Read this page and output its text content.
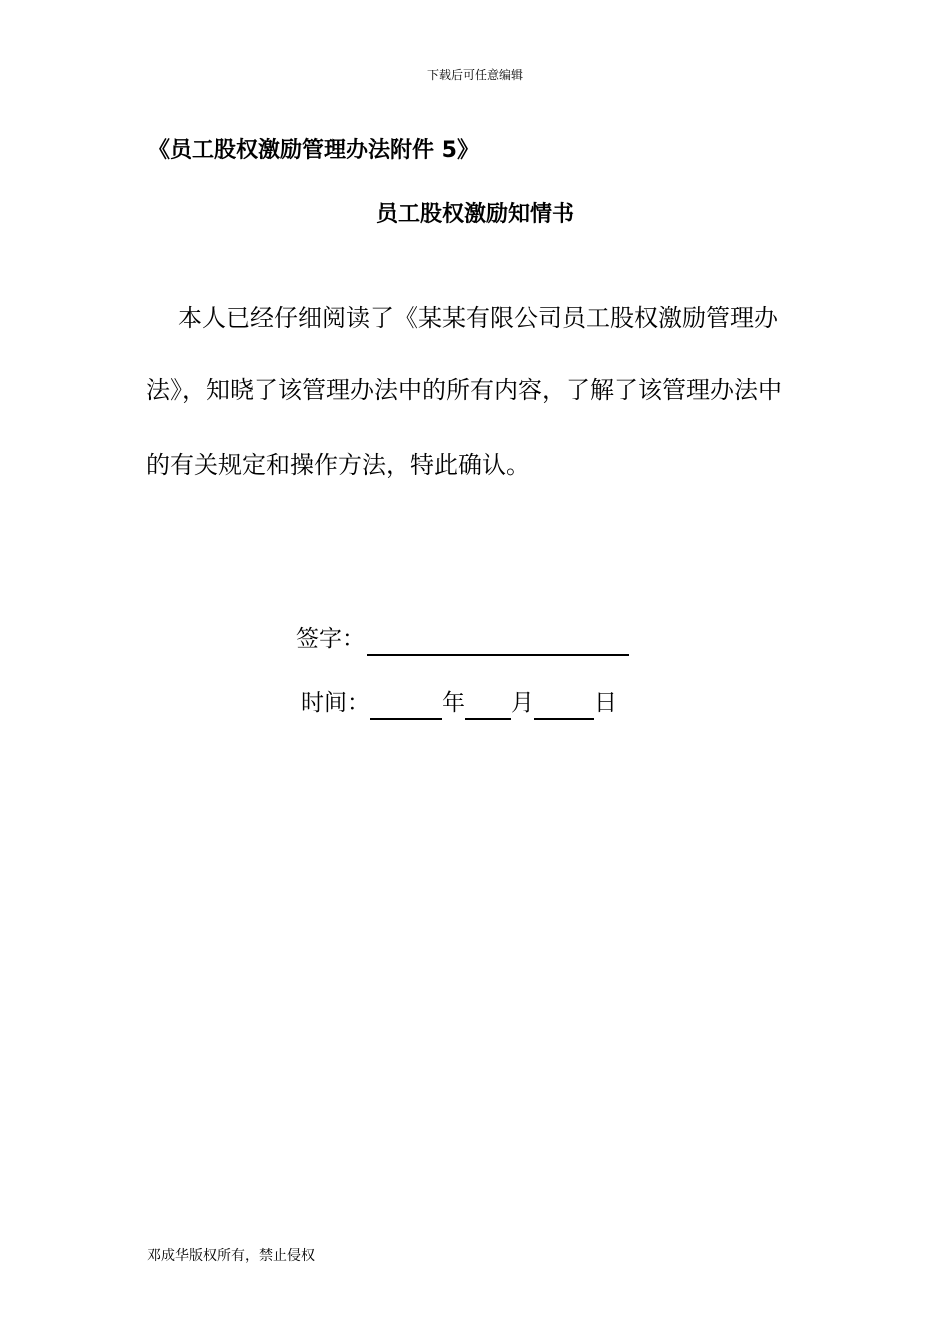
下载后可任意编辑
《员工股权激励管理办法附件 5》
员工股权激励知情书
本人已经仔细阅读了《某某有限公司员工股权激励管理办
法》，知晓了该管理办法中的所有内容，了解了该管理办法中
的有关规定和操作方法，特此确认。
签字：
时间：	年 月	日
邓成华版权所有，禁止侵权
